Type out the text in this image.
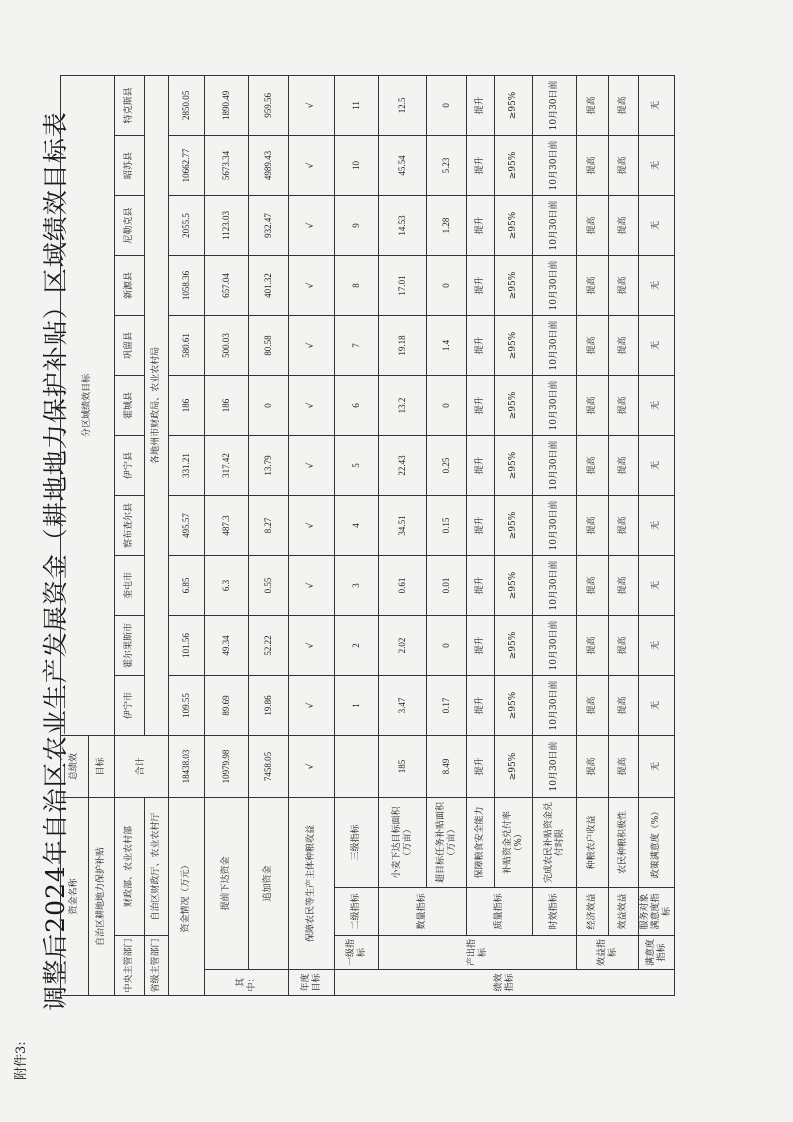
附件3:
调整后2024年自治区农业生产发展资金（耕地地力保护补贴）区域绩效目标表 资金名称				总绩效	分区域绩效目标										
自治区耕地地力保护补贴				目标											
中央主管部门		财政部、农业农村部		合计	伊宁市	霍尔果斯市	奎屯市	察布查尔县	伊宁县	霍城县	巩留县	新源县	尼勒克县	昭苏县	特克斯县
省级主管部门		自治区财政厅、农业农村厅			各地州市财政局、农业农村局										
资金情况（万元）				18438.03	109.55	101.56	6.85	495.57	331.21	186	580.61	1058.36	2055.5	10662.77	2850.05
其中：	提前下达资金			10979.98	89.69	49.34	6.3	487.3	317.42	186	500.03	657.04	1123.03	5673.34	1890.49
	追加资金			7458.05	19.86	52.22	0.55	8.27	13.79	0	80.58	401.32	932.47	4989.43	959.56
年度目标	保障农民等生产主体种粮收益			√	√	√	√	√	√	√	√	√	√	√	√
绩效指标	一级指标	二级指标	三级指标		1	2	3	4	5	6	7	8	9	10	11
	产出指标	数量指标	小麦下达目标面积（万亩）	185	3.47	2.02	0.61	34.51	22.43	13.2	19.18	17.01	14.53	45.54	12.5
			超目标任务补贴面积（万亩）	8.49	0.17	0	0.01	0.15	0.25	0	1.4	0	1.28	5.23	0
		质量指标	保障粮食安全能力	提升	提升	提升	提升	提升	提升	提升	提升	提升	提升	提升	提升
			补贴资金兑付率（%）	≥95%	≥95%	≥95%	≥95%	≥95%	≥95%	≥95%	≥95%	≥95%	≥95%	≥95%	≥95%
		时效指标	完成农民补贴资金兑付时限	10月30日前	10月30日前	10月30日前	10月30日前	10月30日前	10月30日前	10月30日前	10月30日前	10月30日前	10月30日前	10月30日前	10月30日前
	效益指标	经济效益	种粮农户收益	提高	提高	提高	提高	提高	提高	提高	提高	提高	提高	提高	提高
		效益效益	农民种粮积极性	提高	提高	提高	提高	提高	提高	提高	提高	提高	提高	提高	提高
	满意度指标	服务对象满意度指标	政策满意度（%）	无	无	无	无	无	无	无	无	无	无	无	无
